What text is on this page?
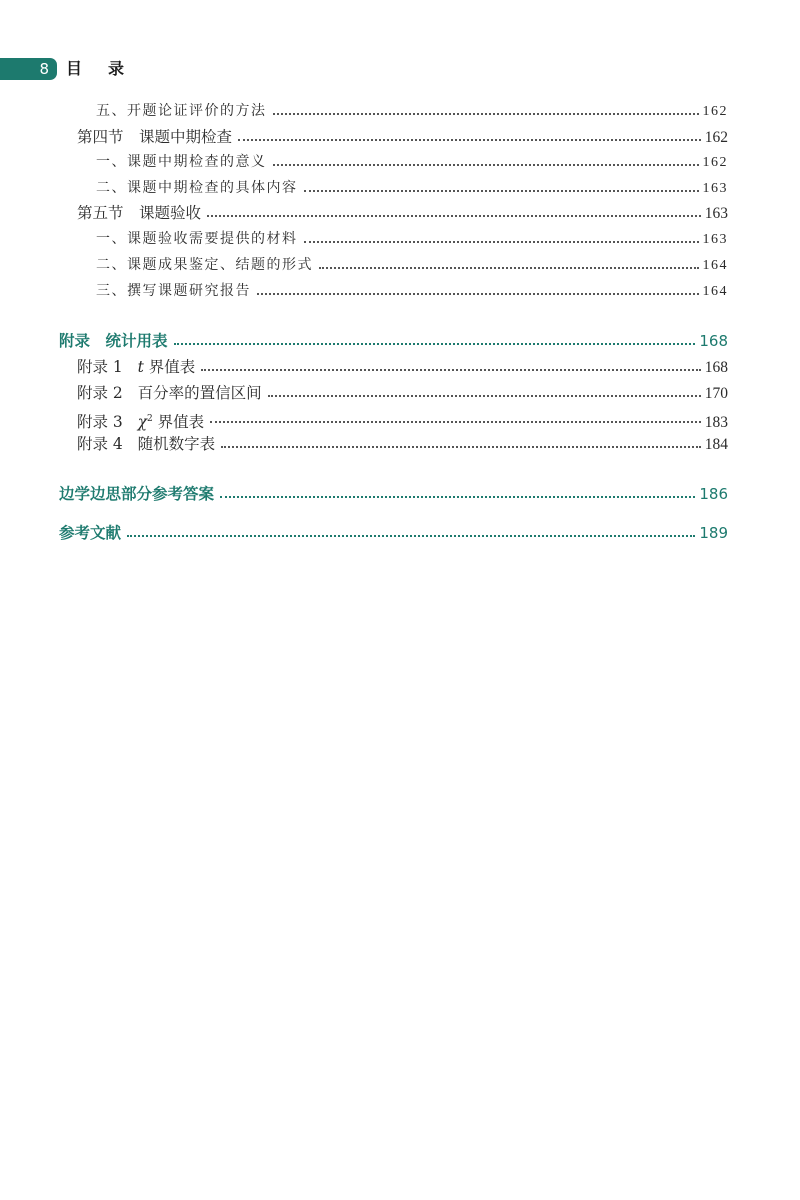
8	目录
五、开题论证评价的方法	162
第四节　课题中期检查	162
一、课题中期检查的意义	162
二、课题中期检查的具体内容	163
第五节　课题验收	163
一、课题验收需要提供的材料	163
二、课题成果鉴定、结题的形式	164
三、撰写课题研究报告	164
附录　统计用表	168
附录 1 t 界值表	168
附录 2 百分率的置信区间	170
附录 3 $\chi^2$ 界值表	183
附录 4 随机数字表	184
边学边思部分参考答案	186
参考文献	189
